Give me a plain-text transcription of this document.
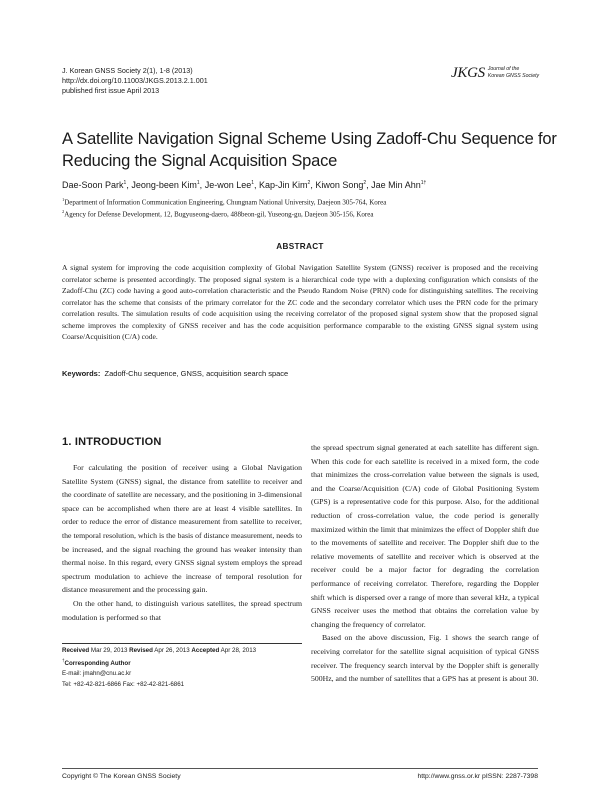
J. Korean GNSS Society 2(1), 1-8 (2013)
http://dx.doi.org/10.11003/JKGS.2013.2.1.001
published first issue April 2013
JKGS Journal of the
Korean GNSS Society
A Satellite Navigation Signal Scheme Using Zadoff-Chu Sequence for Reducing the Signal Acquisition Space
Dae-Soon Park$^1$, Jeong-been Kim$^1$, Je-won Lee$^1$, Kap-Jin Kim$^2$, Kiwon Song$^2$, Jae Min Ahn$^{1\dagger}$
$^1$Department of Information Communication Engineering, Chungnam National University, Daejeon 305-764, Korea
$^2$Agency for Defense Development, 12, Bugyuseong-daero, 488beon-gil, Yuseong-gu, Daejeon 305-156, Korea
ABSTRACT
A signal system for improving the code acquisition complexity of Global Navigation Satellite System (GNSS) receiver is proposed and the receiving correlator scheme is presented accordingly. The proposed signal system is a hierarchical code type with a duplexing configuration which consists of the Zadoff-Chu (ZC) code having a good auto-correlation characteristic and the Pseudo Random Noise (PRN) code for distinguishing satellites. The receiving correlator has the scheme that consists of the primary correlator for the ZC code and the secondary correlator which uses the PRN code for the primary correlation results. The simulation results of code acquisition using the receiving correlator of the proposed signal system show that the proposed signal scheme improves the complexity of GNSS receiver and has the code acquisition performance comparable to the existing GNSS signal system using Coarse/Acquisition (C/A) code.
Keywords: Zadoff-Chu sequence, GNSS, acquisition search space
1. INTRODUCTION

For calculating the position of receiver using a Global Navigation Satellite System (GNSS) signal, the distance from satellite to receiver and the coordinate of satellite are necessary, and the positioning in 3-dimensional space can be accomplished when there are at least 4 visible satellites. In order to reduce the error of distance measurement from satellite to receiver, the temporal resolution, which is the basis of distance measurement, needs to be increased, and the signal reaching the ground has weaker intensity than thermal noise. In this regard, every GNSS signal system employs the spread spectrum modulation to achieve the increase of temporal resolution for distance measurement and the processing gain.

On the other hand, to distinguish various satellites, the spread spectrum modulation is performed so that

the spread spectrum signal generated at each satellite has different sign. When this code for each satellite is received in a mixed form, the code that minimizes the cross-correlation value between the signals is used, and the Coarse/Acquisition (C/A) code of Global Positioning System (GPS) is a representative code for this purpose. Also, for the additional reduction of cross-correlation value, the code period is generally maximized within the limit that minimizes the effect of Doppler shift due to the movements of satellite and receiver. The Doppler shift due to the relative movements of satellite and receiver which is observed at the receiver could be a major factor for degrading the correlation performance of receiving correlator. Therefore, regarding the Doppler shift which is dispersed over a range of more than several kHz, a typical GNSS receiver uses the method that obtains the correlation value by changing the frequency of correlator.

Based on the above discussion, Fig. 1 shows the search range of receiving correlator for the satellite signal acquisition of typical GNSS receiver. The frequency search interval by the Doppler shift is generally 500Hz, and the number of satellites that a GPS has at present is about 30.

Received Mar 29, 2013 Revised Apr 26, 2013 Accepted Apr 28, 2013
†Corresponding Author
E-mail: jmahn@cnu.ac.kr
Tel: +82-42-821-6866 Fax: +82-42-821-6861
Copyright © The Korean GNSS Society	http://www.gnss.or.kr pISSN: 2287-7398
